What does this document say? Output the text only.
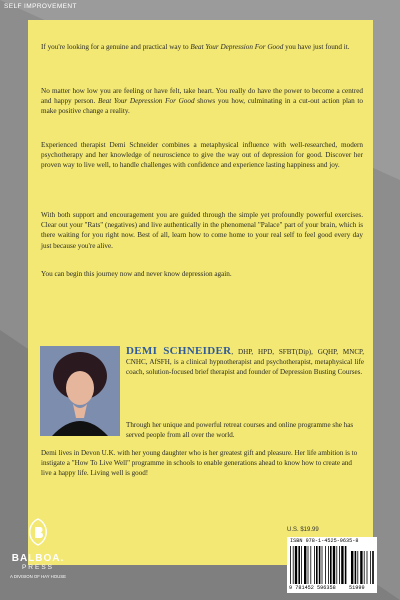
SELF IMPROVEMENT

If you're looking for a genuine and practical way to Beat Your Depression For Good you have just found it.

No matter how low you are feeling or have felt, take heart. You really do have the power to become a centred and happy person. Beat Your Depression For Good shows you how, culminating in a cut-out action plan to make positive change a reality.

Experienced therapist Demi Schneider combines a metaphysical influence with well-researched, modern psychotherapy and her knowledge of neuroscience to give the way out of depression for good. Discover her proven way to live well, to handle challenges with confidence and experience lasting happiness and joy.
With both support and encouragement you are guided through the simple yet profoundly powerful exercises. Clear out your "Rats" (negatives) and live authentically in the phenomenal "Palace" part of your brain, which is there waiting for you right now. Best of all, learn how to come home to your real self to feel good every day just because you're alive.
You can begin this journey now and never know depression again.
DEMI SCHNEIDER, DHP, HPD, SFBT(Dip), GQHP, MNCP, CNHC, AfSFH, is a clinical hypnotherapist and psychotherapist, metaphysical life coach, solution-focused brief therapist and founder of Depression Busting Courses.
Through her unique and powerful retreat courses and online programme she has served people from all over the world.
Demi lives in Devon U.K. with her young daughter who is her greatest gift and pleasure. Her life ambition is to instigate a "How To Live Well" programme in schools to enable generations ahead to know how to create and live a happy life. Living well is good!
U.S. $19.99
ISBN 978-1-4525-9635-8
9 781452 596358	51999
BALBOA.
PRESS
A DIVISION OF HAY HOUSE
